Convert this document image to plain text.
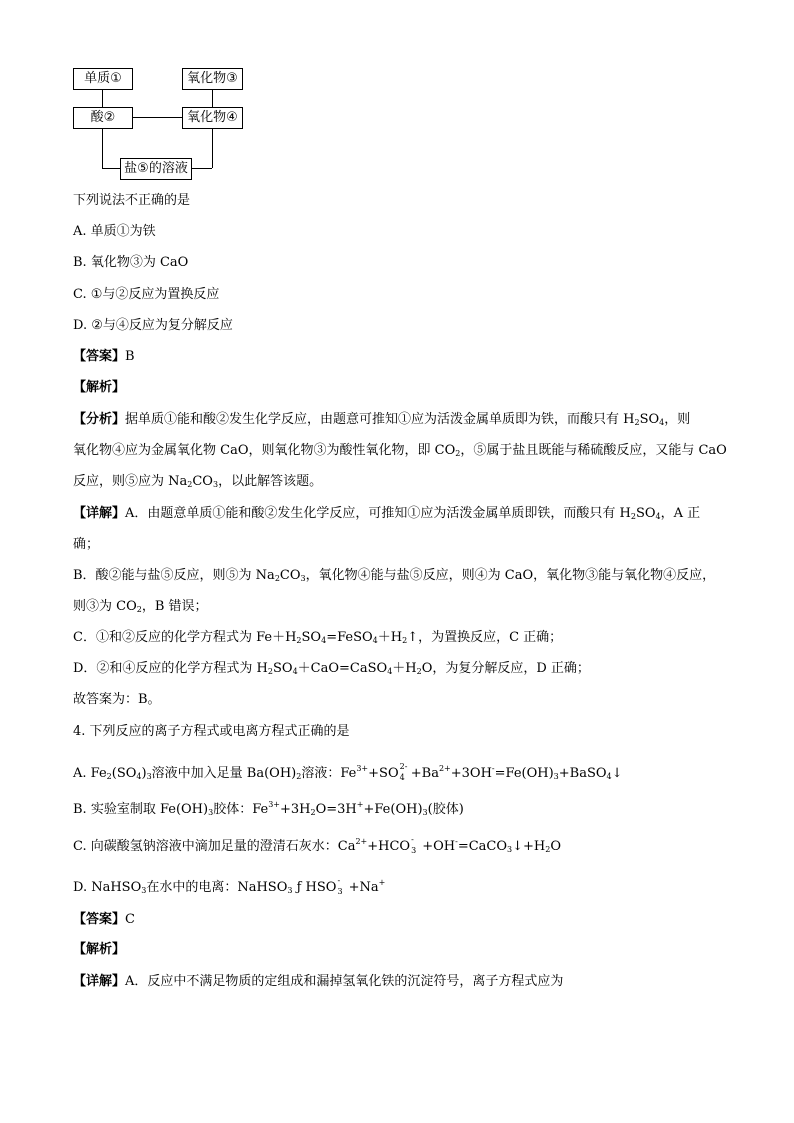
单质①	氧化物③
酸②	氧化物④
盐⑤的溶液
下列说法不正确的是
A. 单质①为铁
B. 氧化物③为 CaO
C. ①与②反应为置换反应
D. ②与④反应为复分解反应
【答案】B
【解析】
【分析】据单质①能和酸②发生化学反应，由题意可推知①应为活泼金属单质即为铁，而酸只有 $H_2SO_4$，则
氧化物④应为金属氧化物 CaO，则氧化物③为酸性氧化物，即 $CO_2$，⑤属于盐且既能与稀硫酸反应，又能与 CaO
反应，则⑤应为 $Na_2CO_3$，以此解答该题。
【详解】A．由题意单质①能和酸②发生化学反应，可推知①应为活泼金属单质即铁，而酸只有 $H_2SO_4$，A 正
确；
B．酸②能与盐⑤反应，则⑤为 $Na_2CO_3$，氧化物④能与盐⑤反应，则④为 CaO，氧化物③能与氧化物④反应，
则③为 $CO_2$，B 错误；
C．①和②反应的化学方程式为 $Fe+H_2SO_4=FeSO_4+H_2↑$，为置换反应，C 正确；
D．②和④反应的化学方程式为 $H_2SO_4+CaO=CaSO_4+H_2O$，为复分解反应，D 正确；
故答案为：B。
4. 下列反应的离子方程式或电离方程式正确的是
A. $Fe_2(SO_4)_3$溶液中加入足量 $Ba(OH)_2$溶液：$Fe^{3+}+SO$ 2-
$4 +Ba^{2+}+3OH^-=Fe(OH)_3+BaSO_4↓$
B. 实验室制取 $Fe(OH)_3$胶体：$Fe^{3+}+3H_2O=3H^++Fe(OH)_3$(胶体)
C. 向碳酸氢钠溶液中滴加足量的澄清石灰水：$Ca^{2+}+HCO$ -
$3 +OH^-=CaCO_3↓+H_2O$
D. NaHSO$_3$在水中的电离：NaHSO$_3$ ƒ HSO -
3 +Na+
【答案】C
【解析】
【详解】A．反应中不满足物质的定组成和漏掉氢氧化铁的沉淀符号，离子方程式应为
